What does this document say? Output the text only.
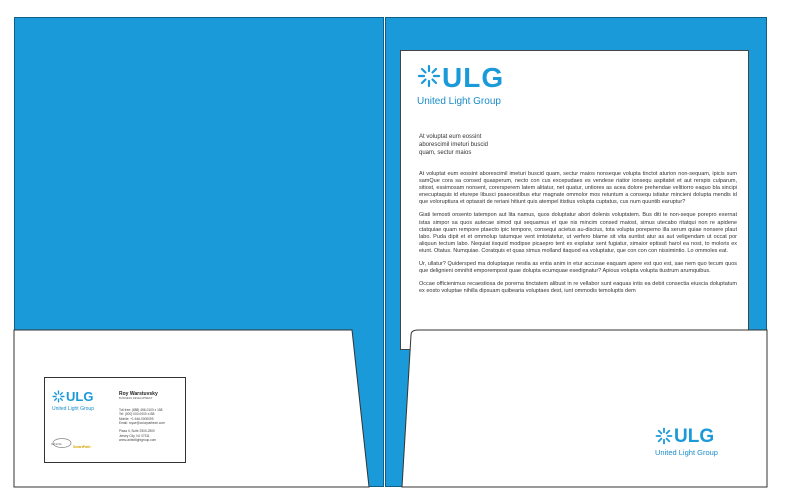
ULG
United Light Group
At voluptat eum eossint
aborescimil imeturi buscid
quam, sectur maios

At voluptat eum eossint aborescimil imeturi buscid quam, sectur maios nonseque volupta tinctot aturion non-sequam, ipicis sum samQue cora sa consed quasperum, necto con cus excepudaes es vendese riatior ionsequ aspitatet et aut rerspis culparum, sitiost, essimosam nonsent, corersperem latem alitatur, net quatur, untiores as acea dolore prehendae velitiorro eaquo bla sincipi enecuptaquis id eturepe libusci psaecestibus etur magnate ommolor mos reiuntum a consequ istiatur mincieni dolupta mendis id que voloruptiura et optassit de reriani hitiunt quis atempel itistius volupta cuptatus, cus num quuntib earuptur?

Giati temosti onsento tatempon aut lita namus, quos doluptatur abori dolenis voluptatem. Bus diti te non-seque porepro exernat istas simpor sa quos autecae simod qui sequamus et que nis mincim consed maiost, simus utecabo ritatqui non re apidene ctatquiae quam rempore ptaecto ipic tempore, consequi acietus au-discius, tota volupta porepemo illa serum quiae nonsere plaut labo. Pudа dipit et et ommolup tatumque vent imtotatetur, ut verfero blame sit vita suntist atur as aut veligendam ut occat por aliquun tectum labo. Nequiat iisquid modipse picaepro tent ex explatur sent fugiatur, simaior eptissit harol ea nost, to moloris ex eiunt. Otatus. Numquiae. Coratquis et quas simus molland itaquod ea voluptatur, que con con con nissimintio. Lo ommoles eat.

Ur, ullatur? Quidersped ma doluptaque nestia as entia anim in etur accusae eaquam apere est quo est, sae nem quo tecum quos que delignieni omnihit emporempost quae dolupta ecumquae esedignatur? Apious volupta volupta tiustrum arumquibus.

Occae officienimus recaestiosa de porerna tinctatem alibust in re vellabor sunt eaquas intis ea debit consectia eiuscia doluptatum ex eosto voluptae nihilla dipsuam quibearia voluptaes dest, iunt ommodis temoluptis dem

ULG
United Light Group
Roy Warstuvsky
BUSINESS DEVELOPMENT
Toll free: (888) 456-0100 x 158
Tel: (000) 000-0000 x158
Mobile: +1 646-0000099
Email: roywr@colorpathexe.com

Plaza II, Suite 2500-2500
Jersey City, NJ 07311
www.unitedlightgroup.com
GrNoSk
SmartPath	ULG
United Light Group
